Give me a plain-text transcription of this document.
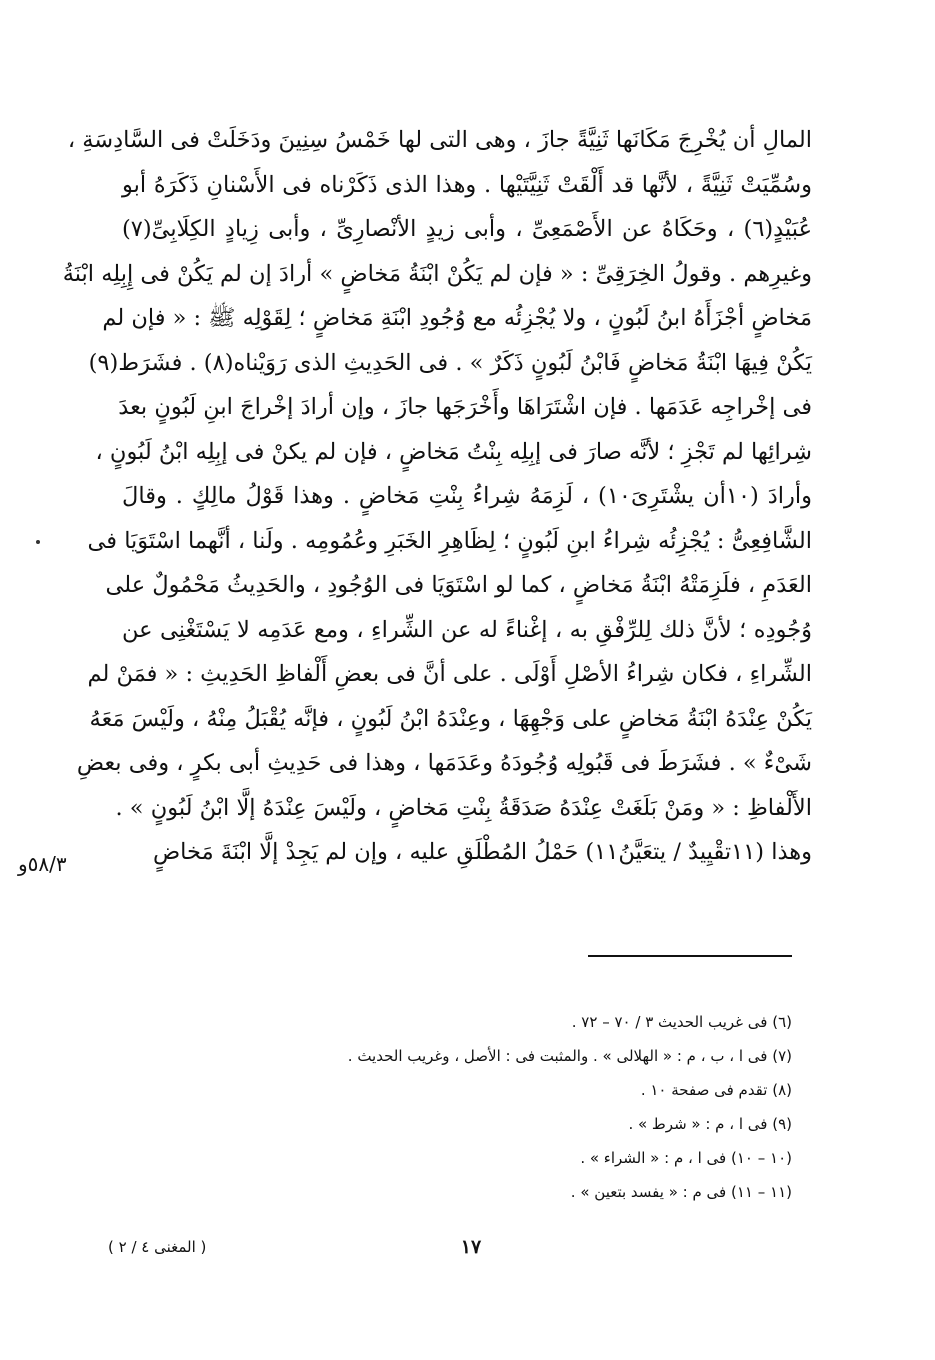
المالِ أن يُخْرِجَ مَكَانَها ثَنِيَّةً جازَ ، وهى التى لها خَمْسُ سِنِينَ ودَخَلَتْ فى السَّادِسَةِ ،
وسُمِّيَتْ ثَنِيَّةً ، لأنَّها قد أَلْقَتْ ثَنِيَّتَيْها . وهذا الذى ذَكَرْناه فى الأَسْنانِ ذَكَرَهُ أبو
عُبَيْدٍ(٦) ، وحَكَاهُ عن الأَصْمَعِىِّ ، وأبى زيدٍ الأنْصارِىِّ ، وأبى زِيادٍ الكِلَابِىِّ(٧)
وغيرِهم . وقولُ الخِرَقِىِّ : « فإن لم يَكُنْ ابْنَةُ مَخاضٍ » أرادَ إن لم يَكُنْ فى إِبِلِه ابْنَةُ
مَخاضٍ أجْزَأَهُ ابنُ لَبُونٍ ، ولا يُجْزِئُه مع وُجُودِ ابْنَةِ مَخاضٍ ؛ لِقَوْلِه ﷺ : « فإن لم
يَكُنْ فِيهَا ابْنَةُ مَخاضٍ فَابْنُ لَبُونٍ ذَكَرٌ » . فى الحَدِيثِ الذى رَوَيْناه(٨) . فشَرَط(٩)
فى إخْراجِه عَدَمَها . فإن اشْتَرَاهَا وأَخْرَجَها جازَ ، وإن أرادَ إخْراجَ ابنِ لَبُونٍ بعدَ
شِرائِها لم تَجْزِ ؛ لأنَّه صارَ فى إبِلِه بِنْتُ مَخاضٍ ، فإن لم يكنْ فى إبِلِه ابْنُ لَبُونٍ ،
وأرادَ (١٠أن يشْتَرِىَ١٠) ، لَزِمَهُ شِراءُ بِنْتِ مَخاضٍ . وهذا قَوْلُ مالِكٍ . وقالَ
الشَّافِعِىُّ : يُجْزِئُه شِراءُ ابنِ لَبُونٍ ؛ لِظَاهِرِ الخَبَرِ وعُمُومِه . ولَنا ، أنَّهما اسْتَوَيَا فى
العَدَمِ ، فلَزِمَتْهُ ابْنَةُ مَخاضٍ ، كما لو اسْتَوَيَا فى الوُجُودِ ، والحَدِيثُ مَحْمُولٌ على
وُجُودِه ؛ لأنَّ ذلك لِلرِّفْقِ به ، إغْناءً له عن الشِّراءِ ، ومع عَدَمِه لا يَسْتَغْنِى عن
الشِّراءِ ، فكان شِراءُ الأصْلِ أَوْلَى . على أنَّ فى بعضِ أَلْفاظِ الحَدِيثِ : « فمَنْ لم
يَكُنْ عِنْدَهُ ابْنَةُ مَخاضٍ على وَجْهِهَا ، وعِنْدَهُ ابْنُ لَبُونٍ ، فإنَّه يُقْبَلُ مِنْهُ ، ولَيْسَ مَعَهُ
شَىْءٌ » . فشَرَطَ فى قَبُولِه وُجُودَهُ وعَدَمَها ، وهذا فى حَدِيثِ أبى بكرٍ ، وفى بعضِ
الأَلْفاظِ : « ومَنْ بَلَغَتْ عِنْدَهُ صَدَقَةُ بِنْتِ مَخاضٍ ، ولَيْسَ عِنْدَهُ إلَّا ابْنُ لَبُونٍ » .
وهذا (١١تقْيِيدٌ / يتعَيَّنُ١١) حَمْلُ المُطْلَقِ عليه ، وإن لم يَجِدْ إلَّا ابْنَةَ مَخاضٍ
٥٨/٣و
(٦) فى غريب الحديث ٣ / ٧٠ – ٧٢ .
(٧) فى ا ، ب ، م : « الهلالى » . والمثبت فى : الأصل ، وغريب الحديث .
(٨) تقدم فى صفحة ١٠ .
(٩) فى ا ، م : « شرط » .
(١٠ – ١٠) فى ا ، م : « الشراء » .
(١١ – ١١) فى م : « يفسد بتعين » .
١٧
( المغنى ٤ / ٢ )
